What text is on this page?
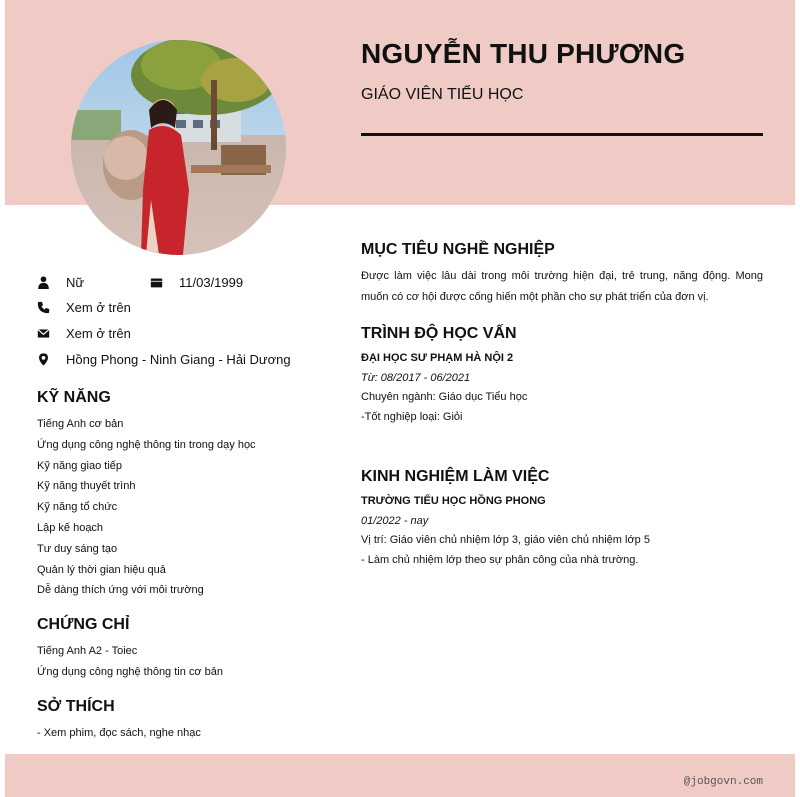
NGUYỄN THU PHƯƠNG
GIÁO VIÊN TIỂU HỌC
Nữ	11/03/1999
Xem ở trên
Xem ở trên
Hồng Phong - Ninh Giang - Hải Dương
KỸ NĂNG
Tiếng Anh cơ bản
Ứng dụng công nghệ thông tin trong dạy học
Kỹ năng giao tiếp
Kỹ năng thuyết trình
Kỹ năng tổ chức
Lập kế hoạch
Tư duy sáng tạo
Quản lý thời gian hiệu quả
Dễ dàng thích ứng với môi trường
CHỨNG CHỈ
Tiếng Anh A2 - Toiec
Ứng dụng công nghệ thông tin cơ bản
SỞ THÍCH
- Xem phim, đọc sách, nghe nhạc
MỤC TIÊU NGHỀ NGHIỆP

Được làm việc lâu dài trong môi trường hiện đại, trẻ trung, năng động. Mong muốn có cơ hội được cống hiến một phần cho sự phát triển của đơn vị.

TRÌNH ĐỘ HỌC VẤN
ĐẠI HỌC SƯ PHẠM HÀ NỘI 2
Từ: 08/2017 - 06/2021
Chuyên ngành: Giáo dục Tiểu học
-Tốt nghiệp loại: Giỏi
KINH NGHIỆM LÀM VIỆC
TRƯỜNG TIỂU HỌC HỒNG PHONG
01/2022 - nay
Vị trí: Giáo viên chủ nhiệm lớp 3, giáo viên chủ nhiệm lớp 5
- Làm chủ nhiệm lớp theo sự phân công của nhà trường.
@jobgovn.com
